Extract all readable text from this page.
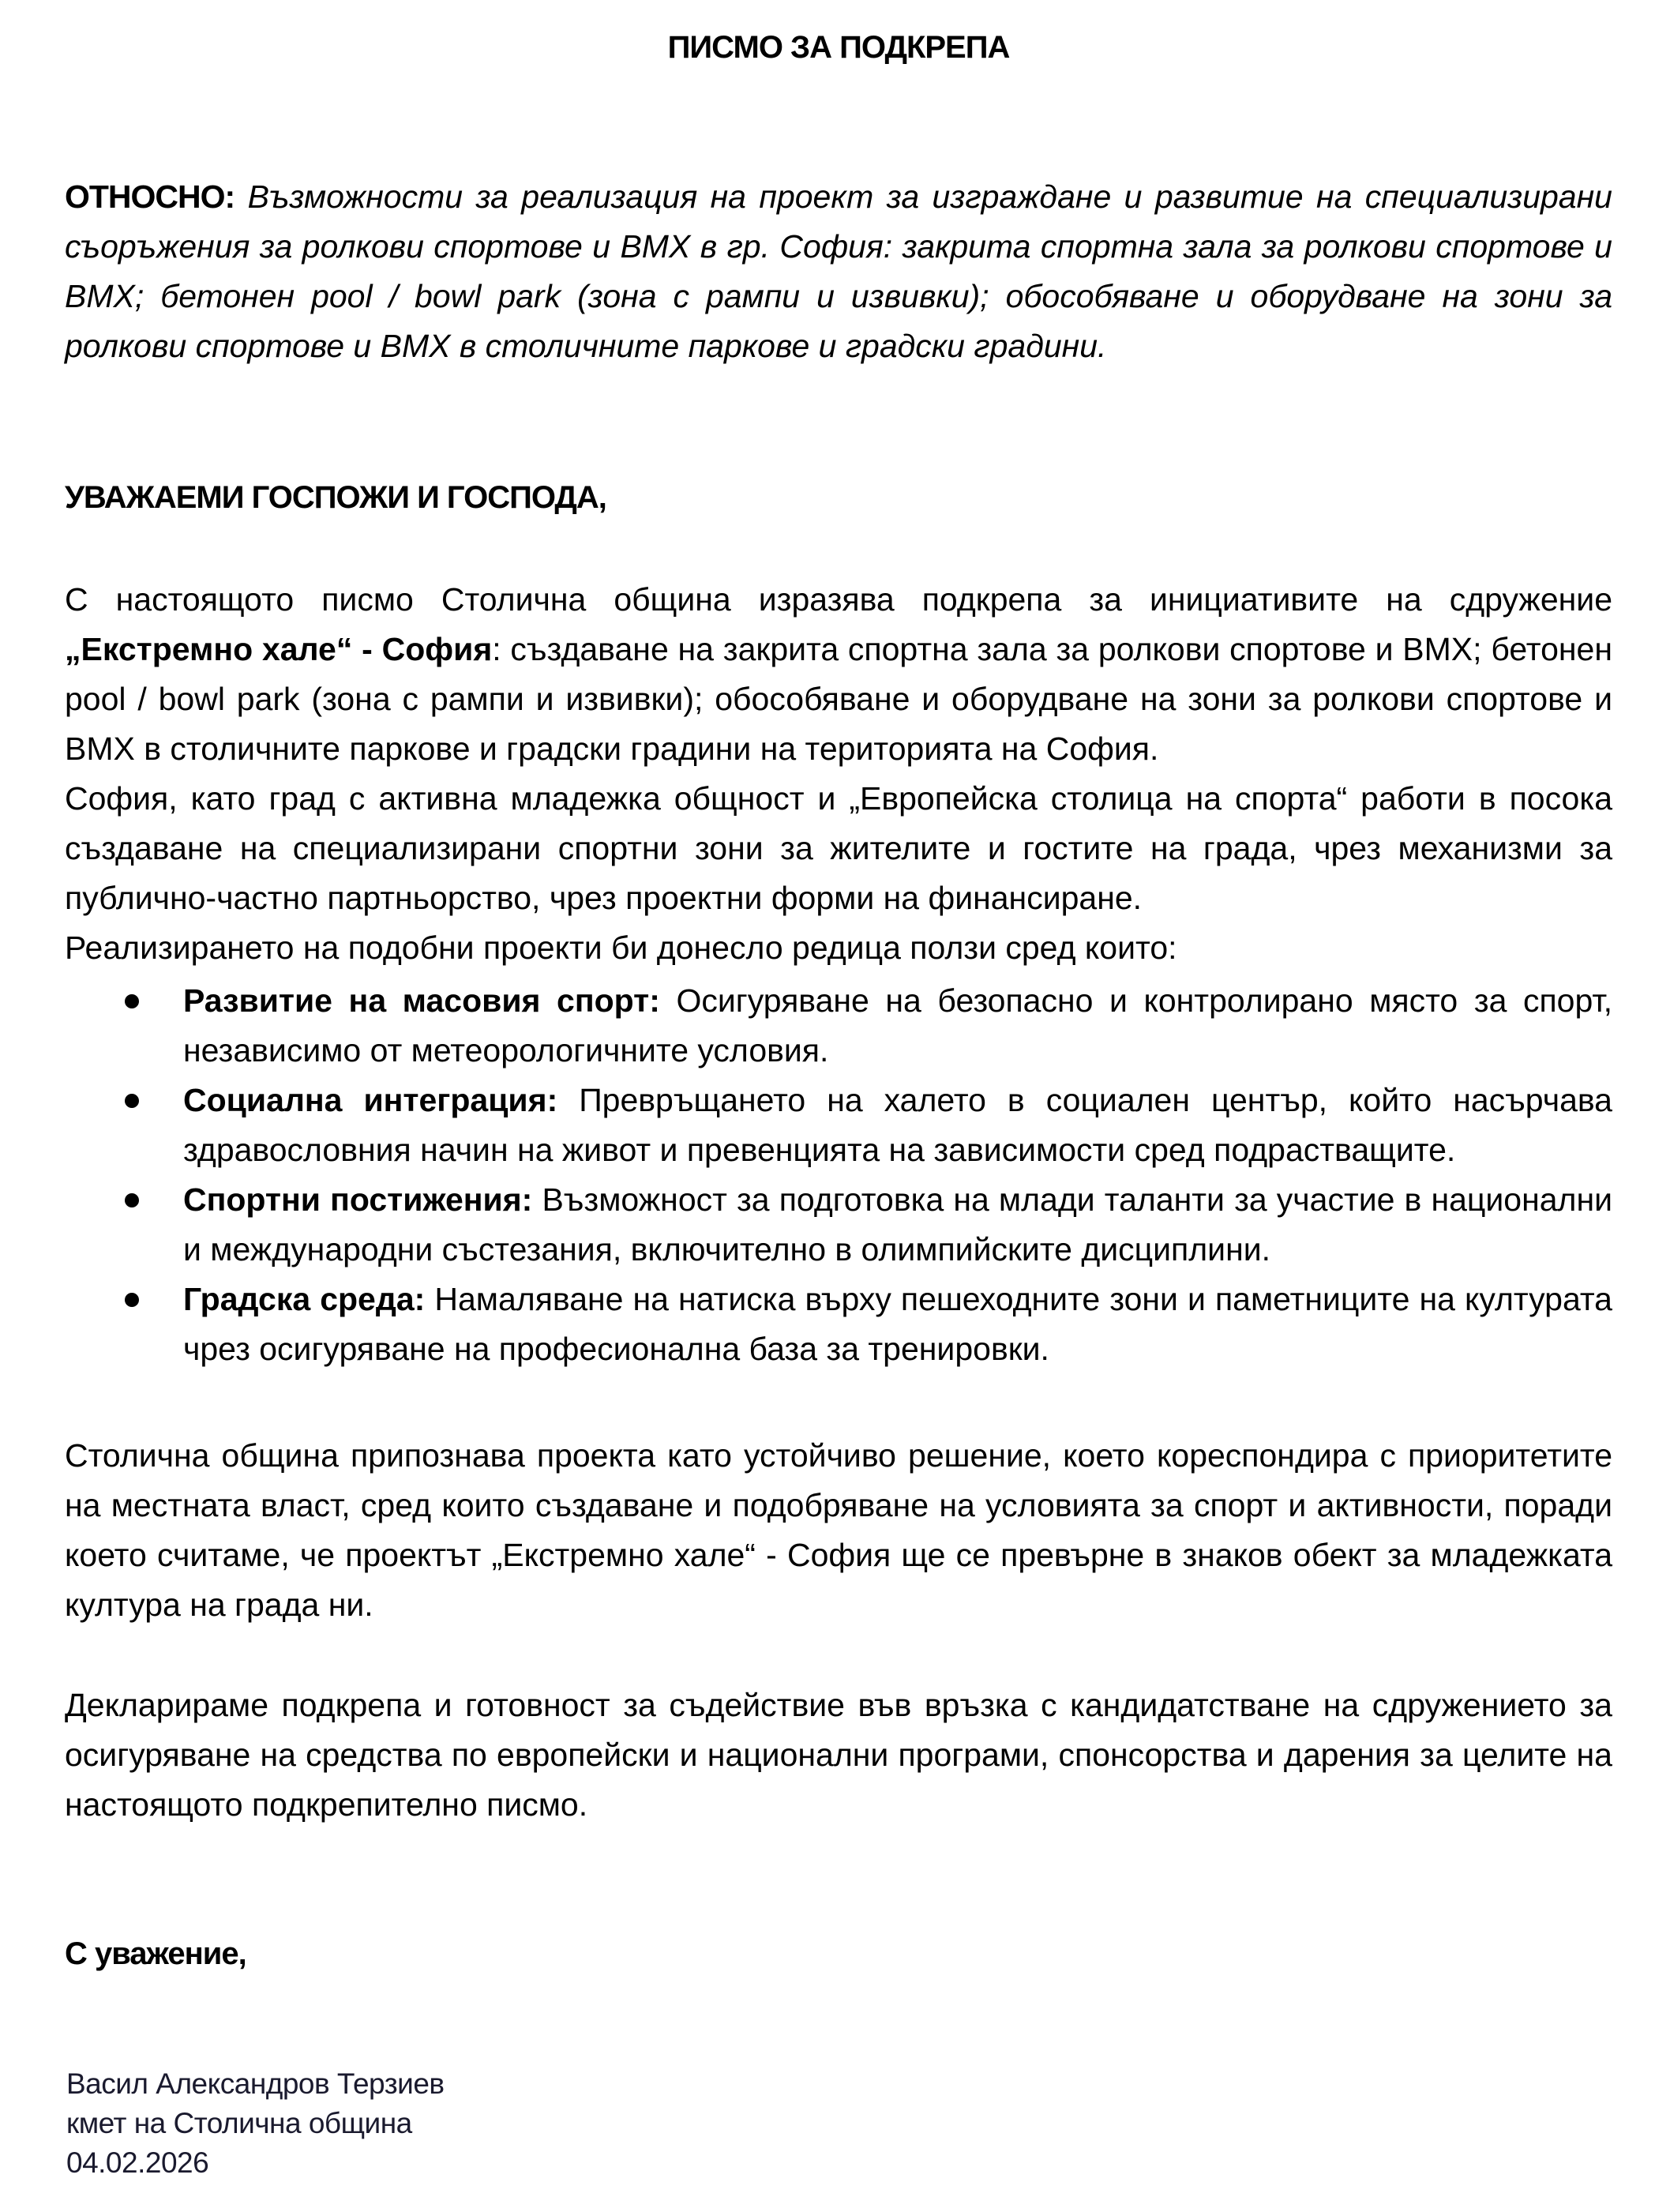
ПИСМО ЗА ПОДКРЕПА

ОТНОСНО: Възможности за реализация на проект за изграждане и развитие на специализирани съоръжения за ролкови спортове и BMX в гр. София: закрита спортна зала за ролкови спортове и BMX; бетонен pool / bowl park (зона с рампи и извивки); обособяване и оборудване на зони за ролкови спортове и BMX в столичните паркове и градски градини.

УВАЖАЕМИ ГОСПОЖИ И ГОСПОДА,

С настоящото писмо Столична община изразява подкрепа за инициативите на сдружение „Екстремно хале“ - София: създаване на закрита спортна зала за ролкови спортове и BMX; бетонен pool / bowl park (зона с рампи и извивки); обособяване и оборудване на зони за ролкови спортове и BMX в столичните паркове и градски градини на територията на София.

София, като град с активна младежка общност и „Европейска столица на спорта“ работи в посока създаване на специализирани спортни зони за жителите и гостите на града, чрез механизми за публично-частно партньорство, чрез проектни форми на финансиране.

Реализирането на подобни проекти би донесло редица ползи сред които:

Развитие на масовия спорт: Осигуряване на безопасно и контролирано място за спорт, независимо от метеорологичните условия.
Социална интеграция: Превръщането на халето в социален център, който насърчава здравословния начин на живот и превенцията на зависимости сред подрастващите.
Спортни постижения: Възможност за подготовка на млади таланти за участие в национални и международни състезания, включително в олимпийските дисциплини.
Градска среда: Намаляване на натиска върху пешеходните зони и паметниците на културата чрез осигуряване на професионална база за тренировки.

Столична община припознава проекта като устойчиво решение, което кореспондира с приоритетите на местната власт, сред които създаване и подобряване на условията за спорт и активности, поради което считаме, че проектът „Екстремно хале“ - София ще се превърне в знаков обект за младежката култура на града ни.

Декларираме подкрепа и готовност за съдействие във връзка с кандидатстване на сдружението за осигуряване на средства по европейски и национални програми, спонсорства и дарения за целите на настоящото подкрепително писмо.

С уважение,
Васил Александров Терзиев
кмет на Столична община
04.02.2026
